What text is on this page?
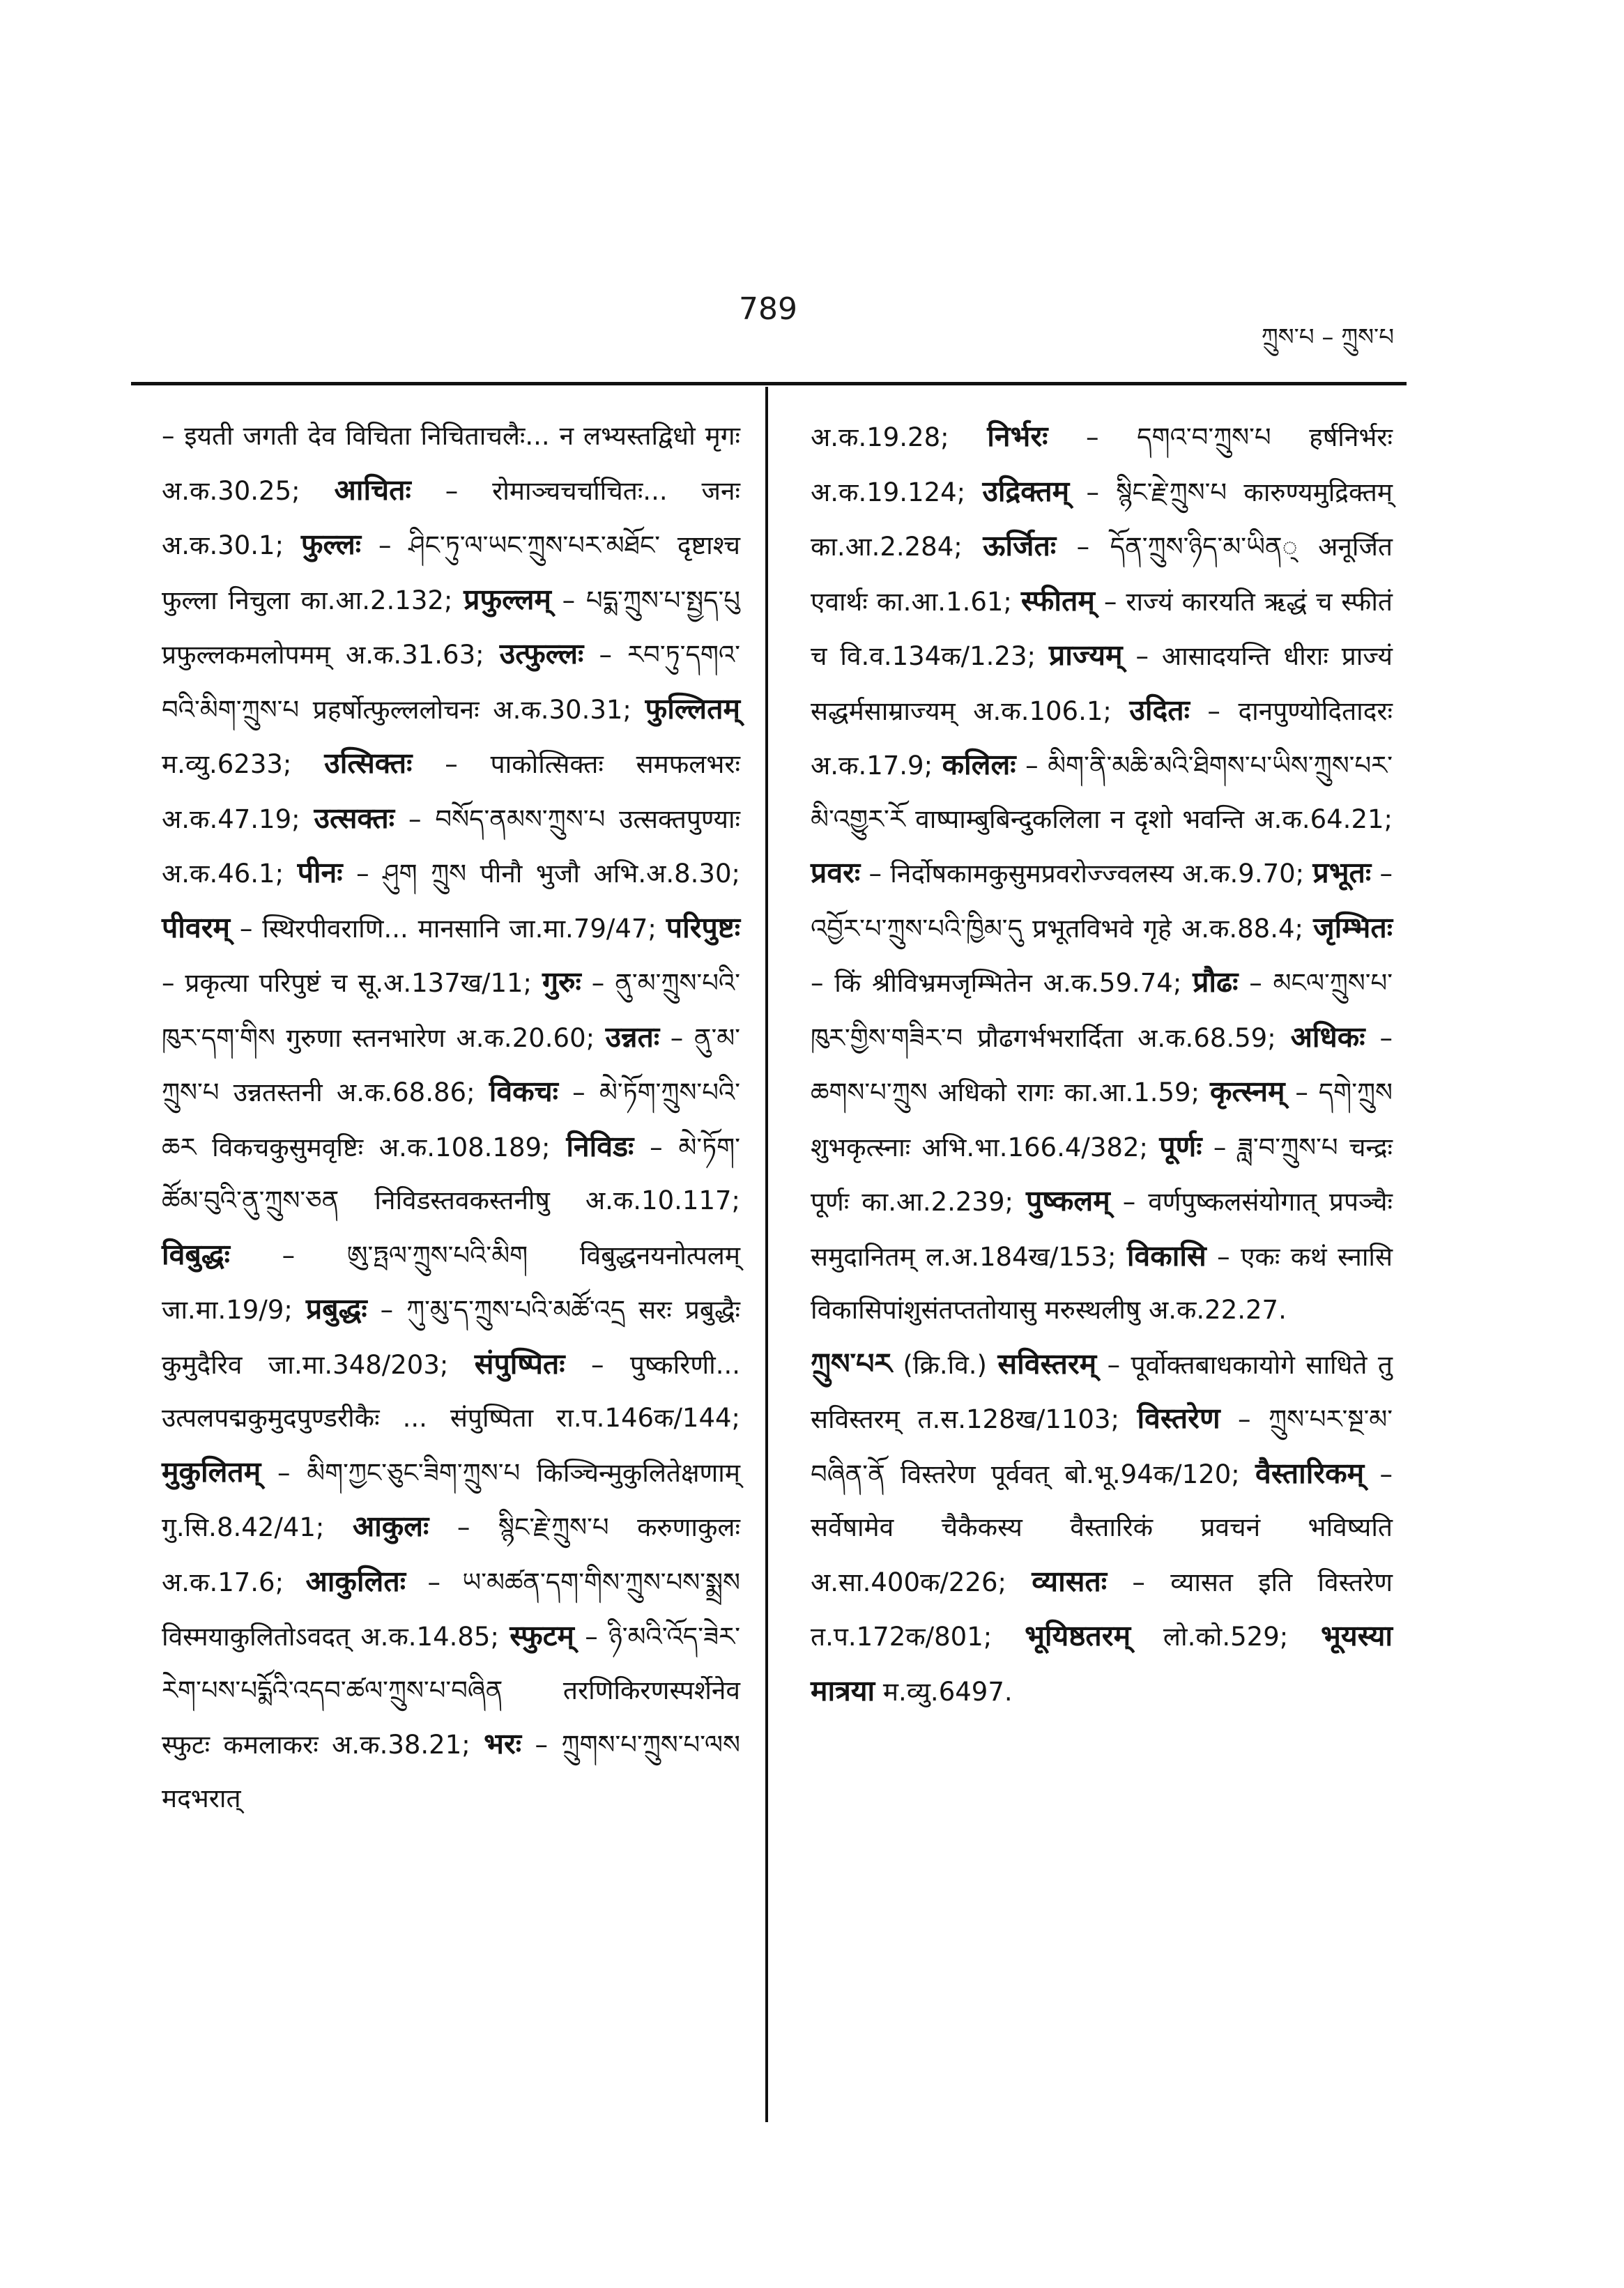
789
ཀྲུས་པ – ཀྲུས་པ

– इयती जगती देव विचिता निचिताचलैः... न लभ्यस्तद्विधो मृगः अ.क.30.25; आचितः – रोमाञ्चचर्चाचितः... जनः अ.क.30.1; फुल्लः – ཤིང་ཏུ་ལ་ཡང་ཀྲུས་པར་མཐོང་ दृष्टाश्च फुल्ला निचुला का.आ.2.132; प्रफुल्लम् – པདྨ་ཀྲུས་པ་སྤྱད་པུ प्रफुल्लकमलोपमम् अ.क.31.63; उत्फुल्लः – རབ་ཏུ་དགའ་བའི་མིག་ཀྲུས་པ प्रहर्षोत्फुल्ललोचनः अ.क.30.31; फुल्लितम् म.व्यु.6233; उत्सिक्तः – पाकोत्सिक्तः समफलभरः अ.क.47.19; उत्सक्तः – བསོད་ནམས་ཀྲུས་པ उत्सक्तपुण्याः अ.क.46.1; पीनः – ཤུག ཀྲུས पीनौ भुजौ अभि.अ.8.30; पीवरम् – स्थिरपीवराणि... मानसानि जा.मा.79/47; परिपुष्टः – प्रकृत्या परिपुष्टं च सू.अ.137ख/11; गुरुः – ནུ་མ་ཀྲུས་པའི་ཁུར་དག་གིས गुरुणा स्तनभारेण अ.क.20.60; उन्नतः – ནུ་མ་ཀྲུས་པ उन्नतस्तनी अ.क.68.86; विकचः – མེ་ཏོག་ཀྲུས་པའི་ཆར विकचकुसुमवृष्टिः अ.क.108.189; निविडः – མེ་ཏོག་ཚོམ་བུའི་ནུ་ཀྲུས་ཅན निविडस्तवकस्तनीषु अ.क.10.117; विबुद्धः – ཨུ་ཏྤལ་ཀྲུས་པའི་མིག विबुद्धनयनोत्पलम् जा.मा.19/9; प्रबुद्धः – ཀུ་མུ་ད་ཀྲུས་པའི་མཚོ་འདྲ सरः प्रबुद्धैः कुमुदैरिव जा.मा.348/203; संपुष्पितः – पुष्करिणी... उत्पलपद्मकुमुदपुण्डरीकैः ... संपुष्पिता रा.प.146क/144; मुकुलितम् – མིག་ཀྱང་ཅུང་ཟིག་ཀྲུས་པ किञ्चिन्मुकुलितेक्षणाम् गु.सि.8.42/41; आकुलः – སྙིང་རྗེ་ཀྲུས་པ करुणाकुलः अ.क.17.6; आकुलितः – ཡ་མཚན་དག་གིས་ཀྲུས་པས་སྨྲས विस्मयाकुलितोऽवदत् अ.क.14.85; स्फुटम् – ཉི་མའི་འོད་ཟེར་རེག་པས་པདྨོའི་འདབ་ཚལ་ཀྲུས་པ་བཞིན तरणिकिरणस्पर्शेनेव स्फुटः कमलाकरः अ.क.38.21; भरः – ཀྲུགས་པ་ཀྲུས་པ་ལས मदभरात्

अ.क.19.28; निर्भरः – དགའ་བ་ཀྲུས་པ हर्षनिर्भरः अ.क.19.124; उद्रिक्तम् – སྙིང་རྗེ་ཀྲུས་པ कारुण्यमुद्रिक्तम् का.आ.2.284; ऊर्जितः – དོན་ཀྲུས་ཉིད་མ་ཡིན् अनूर्जित एवार्थः का.आ.1.61; स्फीतम् – राज्यं कारयति ऋद्धं च स्फीतं च वि.व.134क/1.23; प्राज्यम् – आसादयन्ति धीराः प्राज्यं सद्धर्मसाम्राज्यम् अ.क.106.1; उदितः – दानपुण्योदितादरः अ.क.17.9; कलिलः – མིག་ནི་མཆི་མའི་ཐིགས་པ་ཡིས་ཀྲུས་པར་མི་འགྱུར་རོ वाष्पाम्बुबिन्दुकलिला न दृशो भवन्ति अ.क.64.21; प्रवरः – निर्दोषकामकुसुमप्रवरोज्ज्वलस्य अ.क.9.70; प्रभूतः – འབྱོར་པ་ཀྲུས་པའི་ཁྱིམ་དུ प्रभूतविभवे गृहे अ.क.88.4; जृम्भितः – किं श्रीविभ्रमजृम्भितेन अ.क.59.74; प्रौढः – མངལ་ཀྲུས་པ་ཁུར་གྱིས་གཟིར་བ प्रौढगर्भभरार्दिता अ.क.68.59; अधिकः – ཆགས་པ་ཀྲུས अधिको रागः का.आ.1.59; कृत्स्नम् – དགེ་ཀྲུས शुभकृत्स्नाः अभि.भा.166.4/382; पूर्णः – ཟླ་བ་ཀྲུས་པ चन्द्रः पूर्णः का.आ.2.239; पुष्कलम् – वर्णपुष्कलसंयोगात् प्रपञ्चैः समुदानितम् ल.अ.184ख/153; विकासि – एकः कथं स्नासि विकासिपांशुसंतप्ततोयासु मरुस्थलीषु अ.क.22.27.

ཀྲུས་པར (क्रि.वि.) सविस्तरम् – पूर्वोक्तबाधकायोगे साधिते तु सविस्तरम् त.स.128ख/1103; विस्तरेण – ཀྲུས་པར་སྔ་མ་བཞིན་ནོ विस्तरेण पूर्ववत् बो.भू.94क/120; वैस्तारिकम् – सर्वेषामेव चैकैकस्य वैस्तारिकं प्रवचनं भविष्यति अ.सा.400क/226; व्यासतः – व्यासत इति विस्तरेण त.प.172क/801; भूयिष्ठतरम् लो.को.529; भूयस्या मात्रया म.व्यु.6497.
